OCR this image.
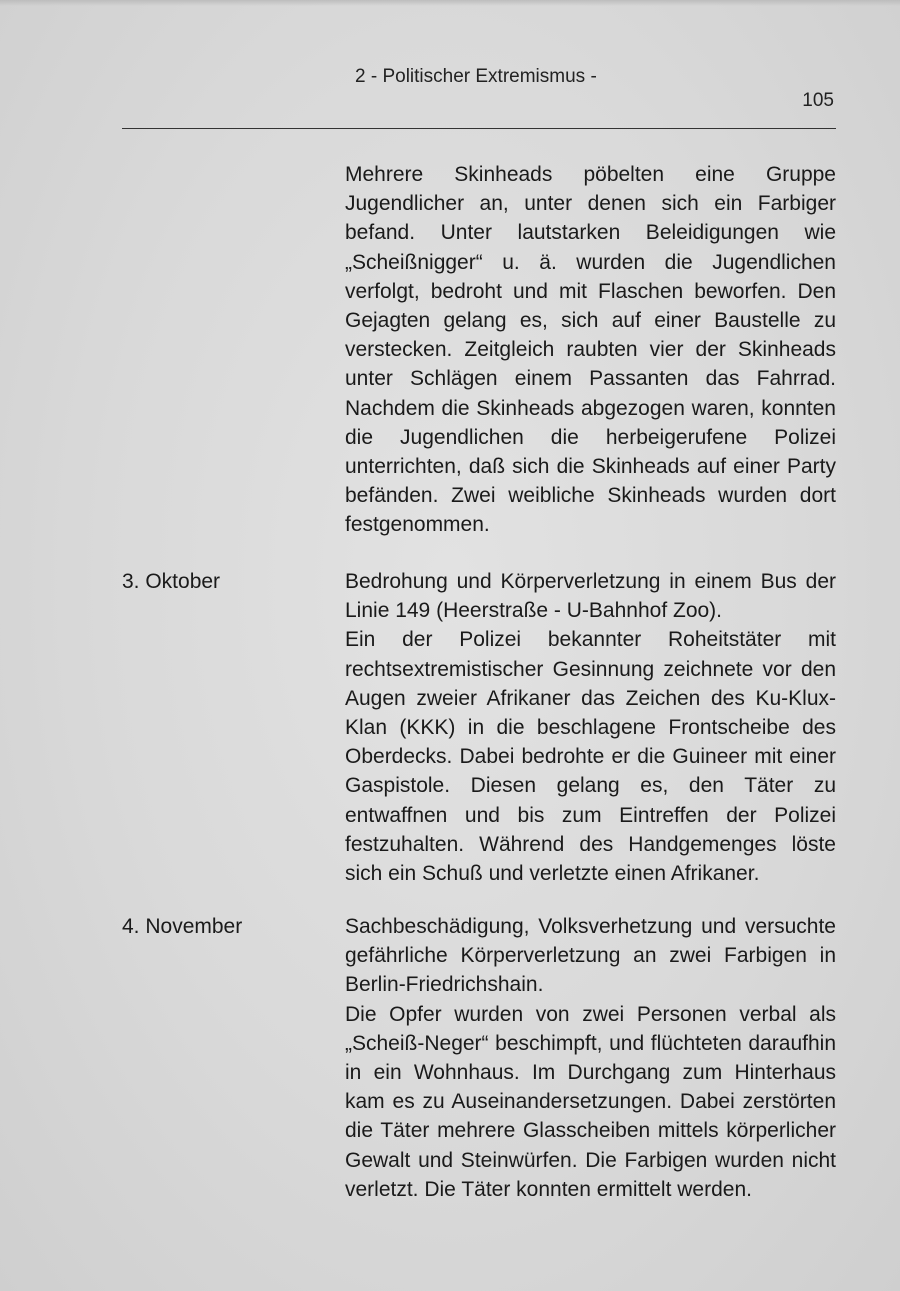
2 - Politischer Extremismus -
105

Mehrere Skinheads pöbelten eine Gruppe Jugendlicher an, unter denen sich ein Farbiger befand. Unter lautstarken Beleidigungen wie „Scheißnigger“ u. ä. wurden die Jugendlichen verfolgt, bedroht und mit Flaschen beworfen. Den Gejagten gelang es, sich auf einer Baustelle zu verstecken. Zeitgleich raubten vier der Skinheads unter Schlägen einem Passanten das Fahrrad. Nachdem die Skinheads abgezogen waren, konnten die Jugendlichen die herbeigerufene Polizei unterrichten, daß sich die Skinheads auf einer Party befänden. Zwei weibliche Skinheads wurden dort festgenommen.

3. Oktober	Bedrohung und Körperverletzung in einem Bus der Linie 149 (Heerstraße - U-Bahnhof Zoo).

Ein der Polizei bekannter Roheitstäter mit rechtsextremistischer Gesinnung zeichnete vor den Augen zweier Afrikaner das Zeichen des Ku-Klux-Klan (KKK) in die beschlagene Frontscheibe des Oberdecks. Dabei bedrohte er die Guineer mit einer Gaspistole. Diesen gelang es, den Täter zu entwaffnen und bis zum Eintreffen der Polizei festzuhalten. Während des Handgemenges löste sich ein Schuß und verletzte einen Afrikaner.

4. November	Sachbeschädigung, Volksverhetzung und versuchte gefährliche Körperverletzung an zwei Farbigen in Berlin-Friedrichshain.

Die Opfer wurden von zwei Personen verbal als „Scheiß-Neger“ beschimpft, und flüchteten daraufhin in ein Wohnhaus. Im Durchgang zum Hinterhaus kam es zu Auseinandersetzungen. Dabei zerstörten die Täter mehrere Glasscheiben mittels körperlicher Gewalt und Steinwürfen. Die Farbigen wurden nicht verletzt. Die Täter konnten ermittelt werden.
